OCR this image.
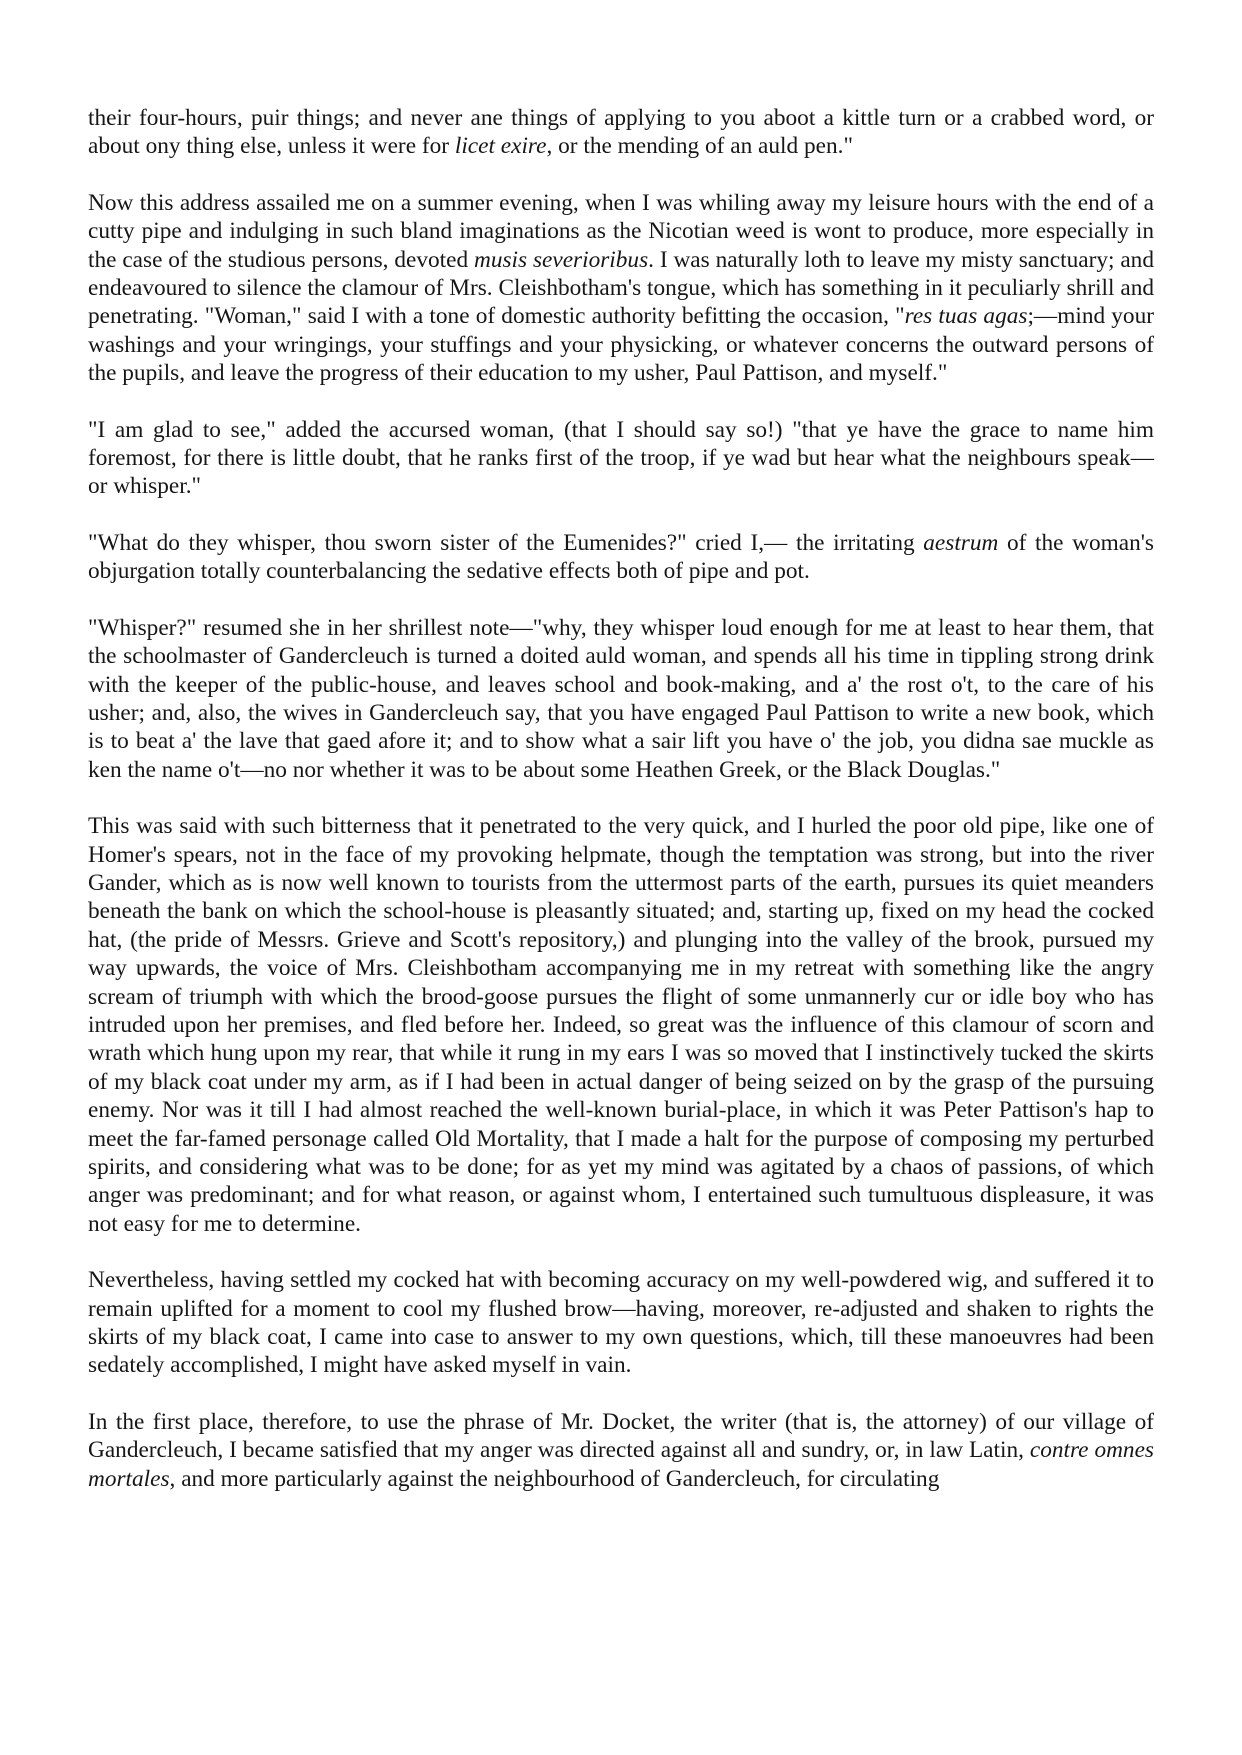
their four-hours, puir things; and never ane things of applying to you aboot a kittle turn or a crabbed word, or about ony thing else, unless it were for licet exire, or the mending of an auld pen."

Now this address assailed me on a summer evening, when I was whiling away my leisure hours with the end of a cutty pipe and indulging in such bland imaginations as the Nicotian weed is wont to produce, more especially in the case of the studious persons, devoted musis severioribus. I was naturally loth to leave my misty sanctuary; and endeavoured to silence the clamour of Mrs. Cleishbotham's tongue, which has something in it peculiarly shrill and penetrating. "Woman," said I with a tone of domestic authority befitting the occasion, "res tuas agas;—mind your washings and your wringings, your stuffings and your physicking, or whatever concerns the outward persons of the pupils, and leave the progress of their education to my usher, Paul Pattison, and myself."

"I am glad to see," added the accursed woman, (that I should say so!) "that ye have the grace to name him foremost, for there is little doubt, that he ranks first of the troop, if ye wad but hear what the neighbours speak—or whisper."

"What do they whisper, thou sworn sister of the Eumenides?" cried I,— the irritating aestrum of the woman's objurgation totally counterbalancing the sedative effects both of pipe and pot.

"Whisper?" resumed she in her shrillest note—"why, they whisper loud enough for me at least to hear them, that the schoolmaster of Gandercleuch is turned a doited auld woman, and spends all his time in tippling strong drink with the keeper of the public-house, and leaves school and book-making, and a' the rost o't, to the care of his usher; and, also, the wives in Gandercleuch say, that you have engaged Paul Pattison to write a new book, which is to beat a' the lave that gaed afore it; and to show what a sair lift you have o' the job, you didna sae muckle as ken the name o't—no nor whether it was to be about some Heathen Greek, or the Black Douglas."

This was said with such bitterness that it penetrated to the very quick, and I hurled the poor old pipe, like one of Homer's spears, not in the face of my provoking helpmate, though the temptation was strong, but into the river Gander, which as is now well known to tourists from the uttermost parts of the earth, pursues its quiet meanders beneath the bank on which the school-house is pleasantly situated; and, starting up, fixed on my head the cocked hat, (the pride of Messrs. Grieve and Scott's repository,) and plunging into the valley of the brook, pursued my way upwards, the voice of Mrs. Cleishbotham accompanying me in my retreat with something like the angry scream of triumph with which the brood-goose pursues the flight of some unmannerly cur or idle boy who has intruded upon her premises, and fled before her. Indeed, so great was the influence of this clamour of scorn and wrath which hung upon my rear, that while it rung in my ears I was so moved that I instinctively tucked the skirts of my black coat under my arm, as if I had been in actual danger of being seized on by the grasp of the pursuing enemy. Nor was it till I had almost reached the well-known burial-place, in which it was Peter Pattison's hap to meet the far-famed personage called Old Mortality, that I made a halt for the purpose of composing my perturbed spirits, and considering what was to be done; for as yet my mind was agitated by a chaos of passions, of which anger was predominant; and for what reason, or against whom, I entertained such tumultuous displeasure, it was not easy for me to determine.

Nevertheless, having settled my cocked hat with becoming accuracy on my well-powdered wig, and suffered it to remain uplifted for a moment to cool my flushed brow—having, moreover, re-adjusted and shaken to rights the skirts of my black coat, I came into case to answer to my own questions, which, till these manoeuvres had been sedately accomplished, I might have asked myself in vain.

In the first place, therefore, to use the phrase of Mr. Docket, the writer (that is, the attorney) of our village of Gandercleuch, I became satisfied that my anger was directed against all and sundry, or, in law Latin, contre omnes mortales, and more particularly against the neighbourhood of Gandercleuch, for circulating
